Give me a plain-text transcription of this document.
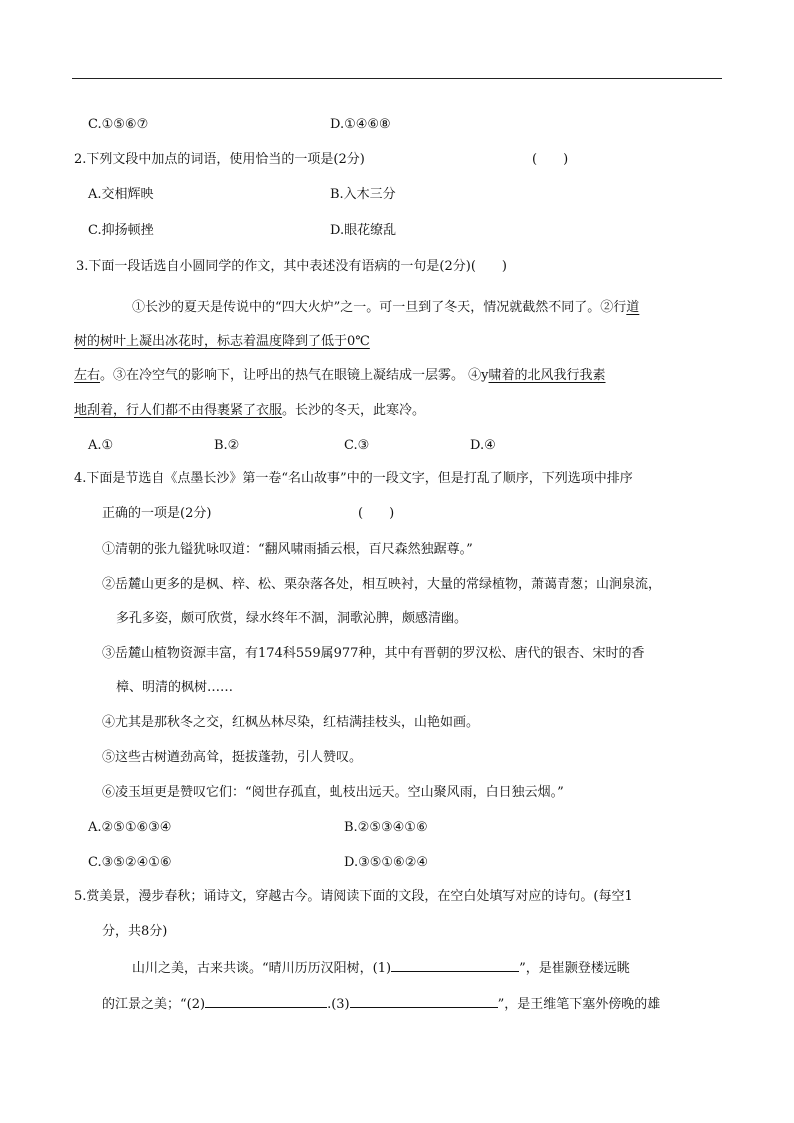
C.①⑤⑥⑦	D.①④⑥⑧
2.下列文段中加点的词语，使用恰当的一项是(2分)	(　　)
A.交相辉映	B.入木三分
C.抑扬顿挫	D.眼花缭乱
3.下面一段话选自小圆同学的作文，其中表述没有语病的一句是(2分)(　　)
①长沙的夏天是传说中的“四大火炉”之一。可一旦到了冬天，情况就截然不同了。②行道
树的树叶上凝出冰花时，标志着温度降到了低于0℃
左右。③在冷空气的影响下，让呼出的热气在眼镜上凝结成一层雾。 ④y啸着的北风我行我素
地刮着，行人们都不由得裹紧了衣服。长沙的冬天，此寒冷。
A.①	B.②	C.③	D.④
4.下面是节选自《点墨长沙》第一卷“名山故事”中的一段文字，但是打乱了顺序，下列选项中排序
正确的一项是(2分)	(　　)
①清朝的张九镒犹咏叹道：“翻风啸雨插云根，百尺森然独踞尊。”
②岳麓山更多的是枫、梓、松、栗杂落各处，相互映衬，大量的常绿植物，萧蔼青葱；山涧泉流，
多孔多姿，颇可欣赏，绿水终年不涸，洞歌沁脾，颇感清幽。
③岳麓山植物资源丰富，有174科559属977种，其中有晋朝的罗汉松、唐代的银杏、宋时的香
樟、明清的枫树……
④尤其是那秋冬之交，红枫丛林尽染，红桔满挂枝头，山艳如画。
⑤这些古树遒劲高耸，挺拔蓬勃，引人赞叹。
⑥凌玉垣更是赞叹它们：“阅世存孤直，虬枝出远天。空山聚风雨，白日独云烟。”
A.②⑤①⑥③④	B.②⑤③④①⑥
C.③⑤②④①⑥	D.③⑤①⑥②④
5.赏美景，漫步春秋；诵诗文，穿越古今。请阅读下面的文段，在空白处填写对应的诗句。(每空1
分，共8分)
山川之美，古来共谈。“晴川历历汉阳树，(1)	”，是崔颢登楼远眺
的江景之美；“(2)	.(3)	”，是王维笔下塞外傍晚的雄
